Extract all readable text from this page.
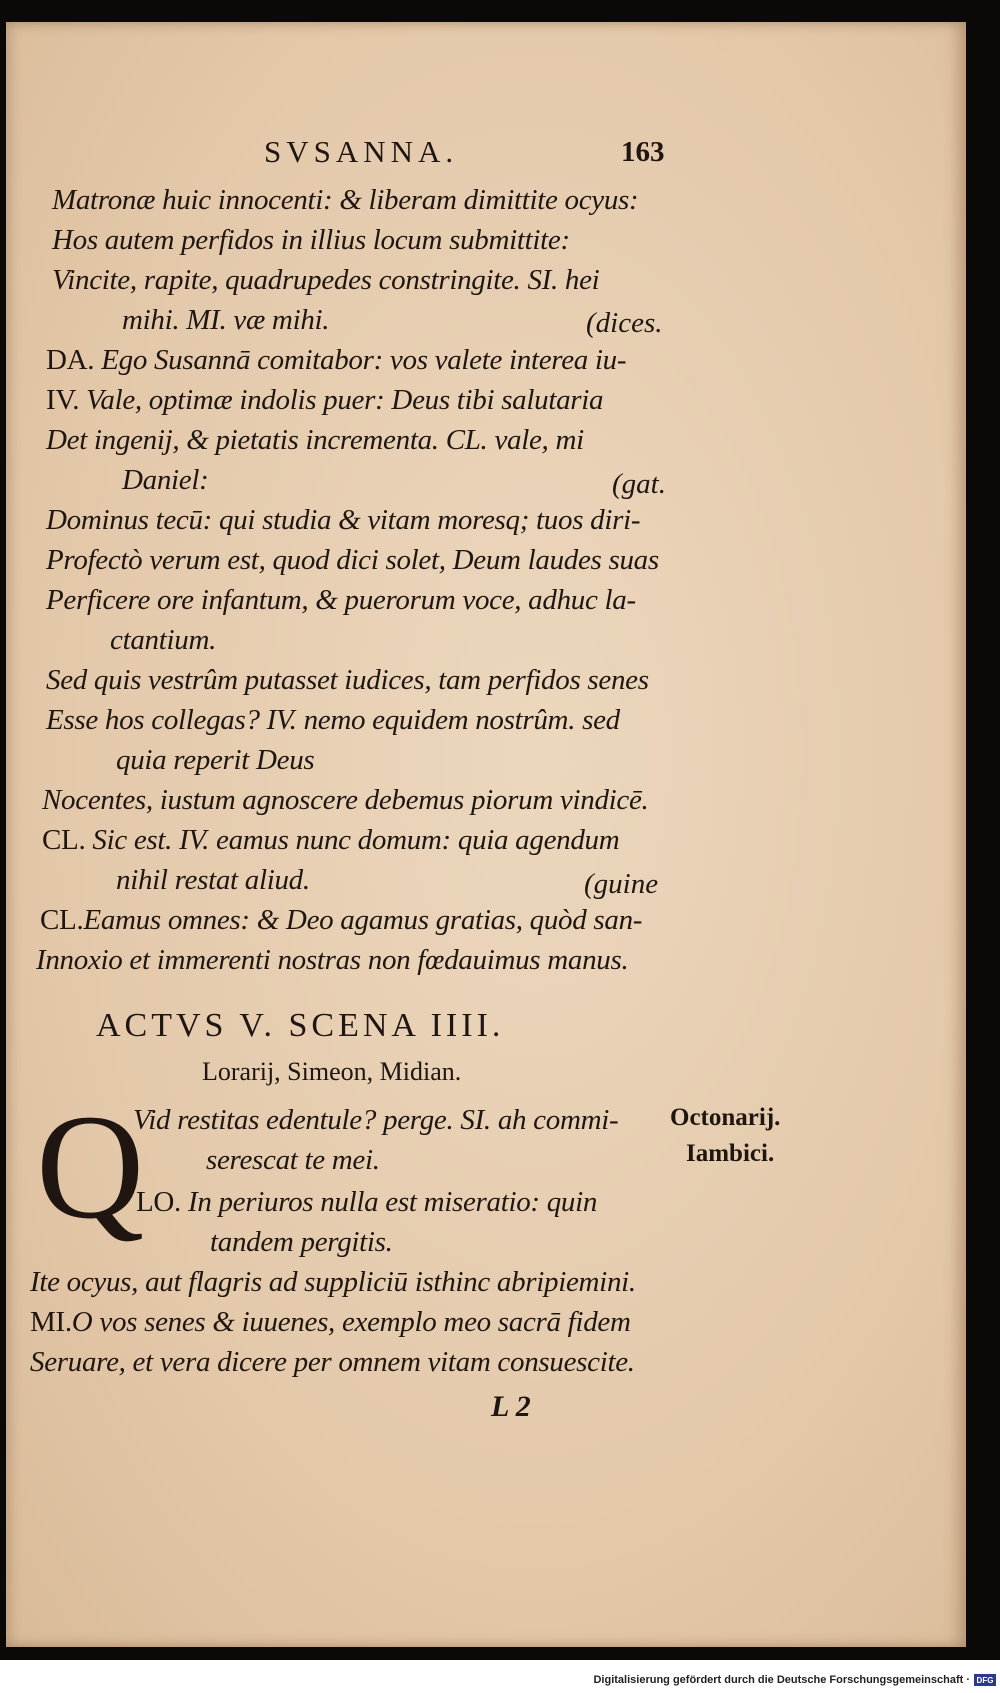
SVSANNA.	163
Matronæ huic innocenti: & liberam dimittite ocyus:
Hos autem perfidos in illius locum submittite:
Vincite, rapite, quadrupedes constringite. SI. hei
mihi. MI. væ mihi.	(dices.
DA. Ego Susannā comitabor: vos valete interea iu-
IV. Vale, optimæ indolis puer: Deus tibi salutaria
Det ingenij, & pietatis incrementa. CL. vale, mi
Daniel:	(gat.
Dominus tecū: qui studia & vitam moresq; tuos diri-
Profectò verum est, quod dici solet, Deum laudes suas
Perficere ore infantum, & puerorum voce, adhuc la-
ctantium.
Sed quis vestrûm putasset iudices, tam perfidos senes
Esse hos collegas? IV. nemo equidem nostrûm. sed
quia reperit Deus
Nocentes, iustum agnoscere debemus piorum vindicē.
CL. Sic est. IV. eamus nunc domum: quia agendum
nihil restat aliud.	(guine
CL.Eamus omnes: & Deo agamus gratias, quòd san-
Innoxio et immerenti nostras non fœdauimus manus.
ACTVS V. SCENA IIII.
Lorarij, Simeon, Midian.
Q
Vid restitas edentule? perge. SI. ah commi-
serescat te mei.
LO. In periuros nulla est miseratio: quin
tandem pergitis.
Ite ocyus, aut flagris ad suppliciū isthinc abripiemini.
MI.O vos senes & iuuenes, exemplo meo sacrā fidem
Seruare, et vera dicere per omnem vitam consuescite.
Octonarij.
Iambici.
L 2
Digitalisierung gefördert durch die Deutsche Forschungsgemeinschaft · DFG
